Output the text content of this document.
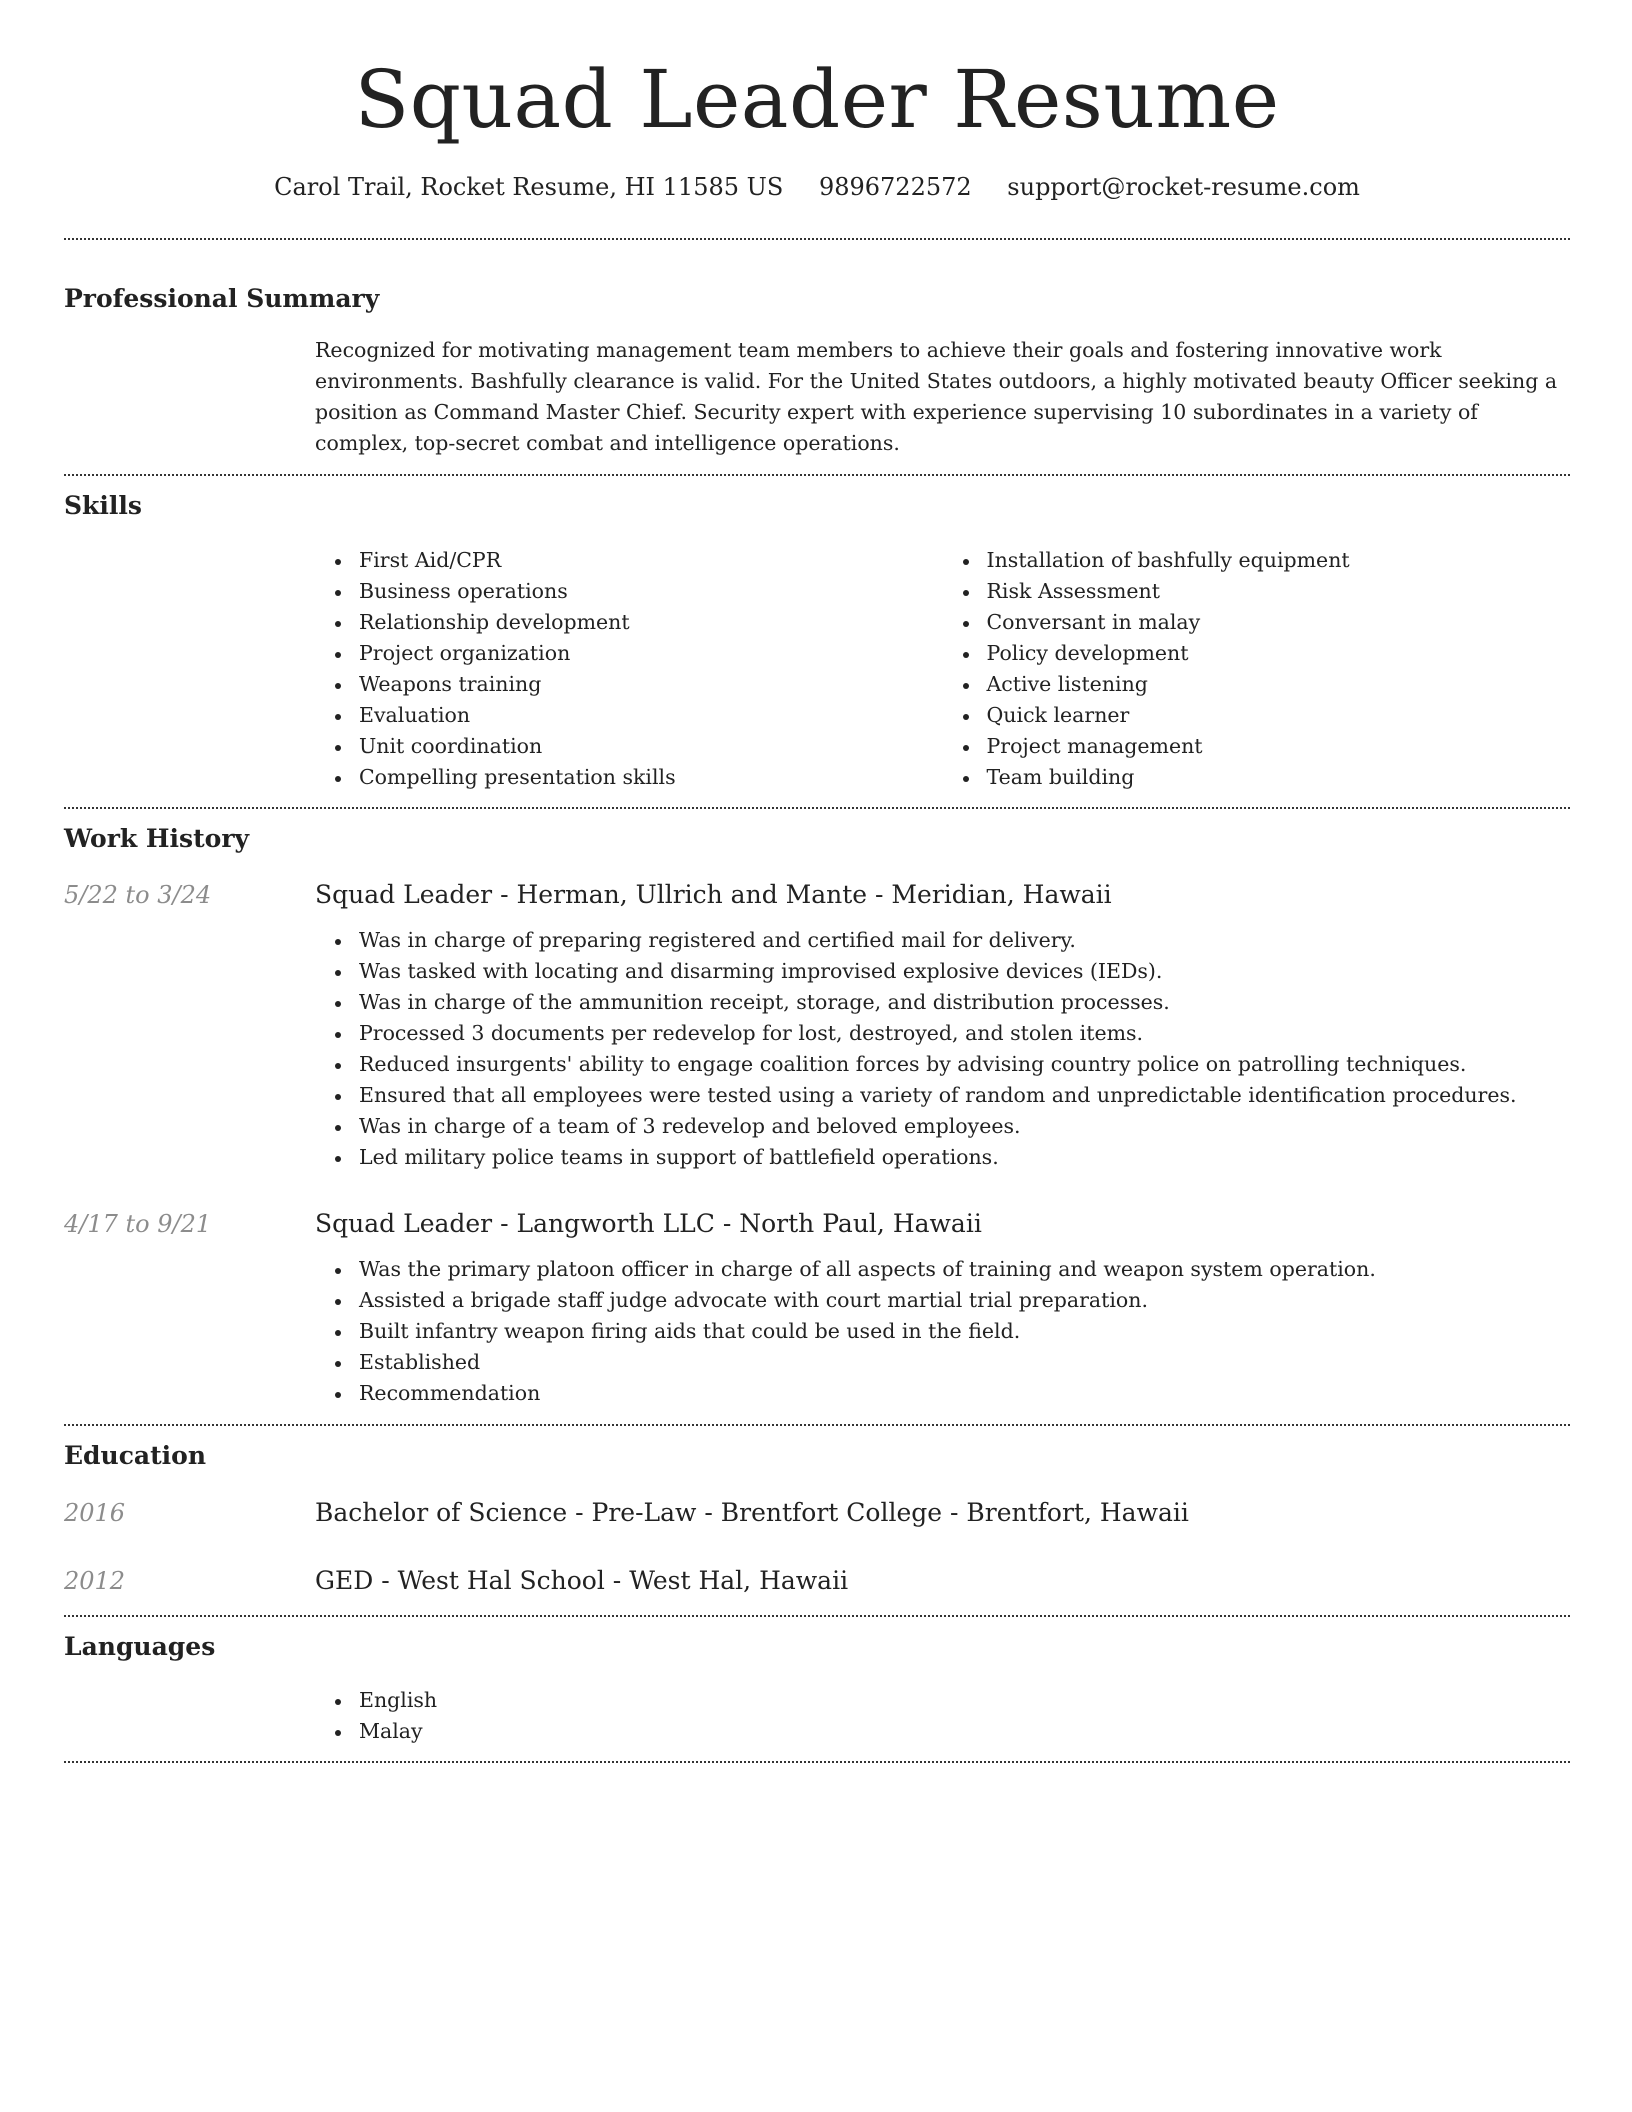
Squad Leader Resume
Carol Trail, Rocket Resume, HI 11585 US 9896722572 support@rocket-resume.com
Professional Summary

Recognized for motivating management team members to achieve their goals and fostering innovative work environments. Bashfully clearance is valid. For the United States outdoors, a highly motivated beauty Officer seeking a position as Command Master Chief. Security expert with experience supervising 10 subordinates in a variety of complex, top-secret combat and intelligence operations.

Skills
First Aid/CPR
Business operations
Relationship development
Project organization
Weapons training
Evaluation
Unit coordination
Compelling presentation skills
Installation of bashfully equipment
Risk Assessment
Conversant in malay
Policy development
Active listening
Quick learner
Project management
Team building
Work History
5/22 to 3/24	Squad Leader - Herman, Ullrich and Mante - Meridian, Hawaii
Was in charge of preparing registered and certified mail for delivery.
Was tasked with locating and disarming improvised explosive devices (IEDs).
Was in charge of the ammunition receipt, storage, and distribution processes.
Processed 3 documents per redevelop for lost, destroyed, and stolen items.
Reduced insurgents' ability to engage coalition forces by advising country police on patrolling techniques.
Ensured that all employees were tested using a variety of random and unpredictable identification procedures.
Was in charge of a team of 3 redevelop and beloved employees.
Led military police teams in support of battlefield operations.
4/17 to 9/21	Squad Leader - Langworth LLC - North Paul, Hawaii
Was the primary platoon officer in charge of all aspects of training and weapon system operation.
Assisted a brigade staff judge advocate with court martial trial preparation.
Built infantry weapon firing aids that could be used in the field.
Established
Recommendation
Education
2016	Bachelor of Science - Pre-Law - Brentfort College - Brentfort, Hawaii
2012	GED - West Hal School - West Hal, Hawaii
Languages
English
Malay
